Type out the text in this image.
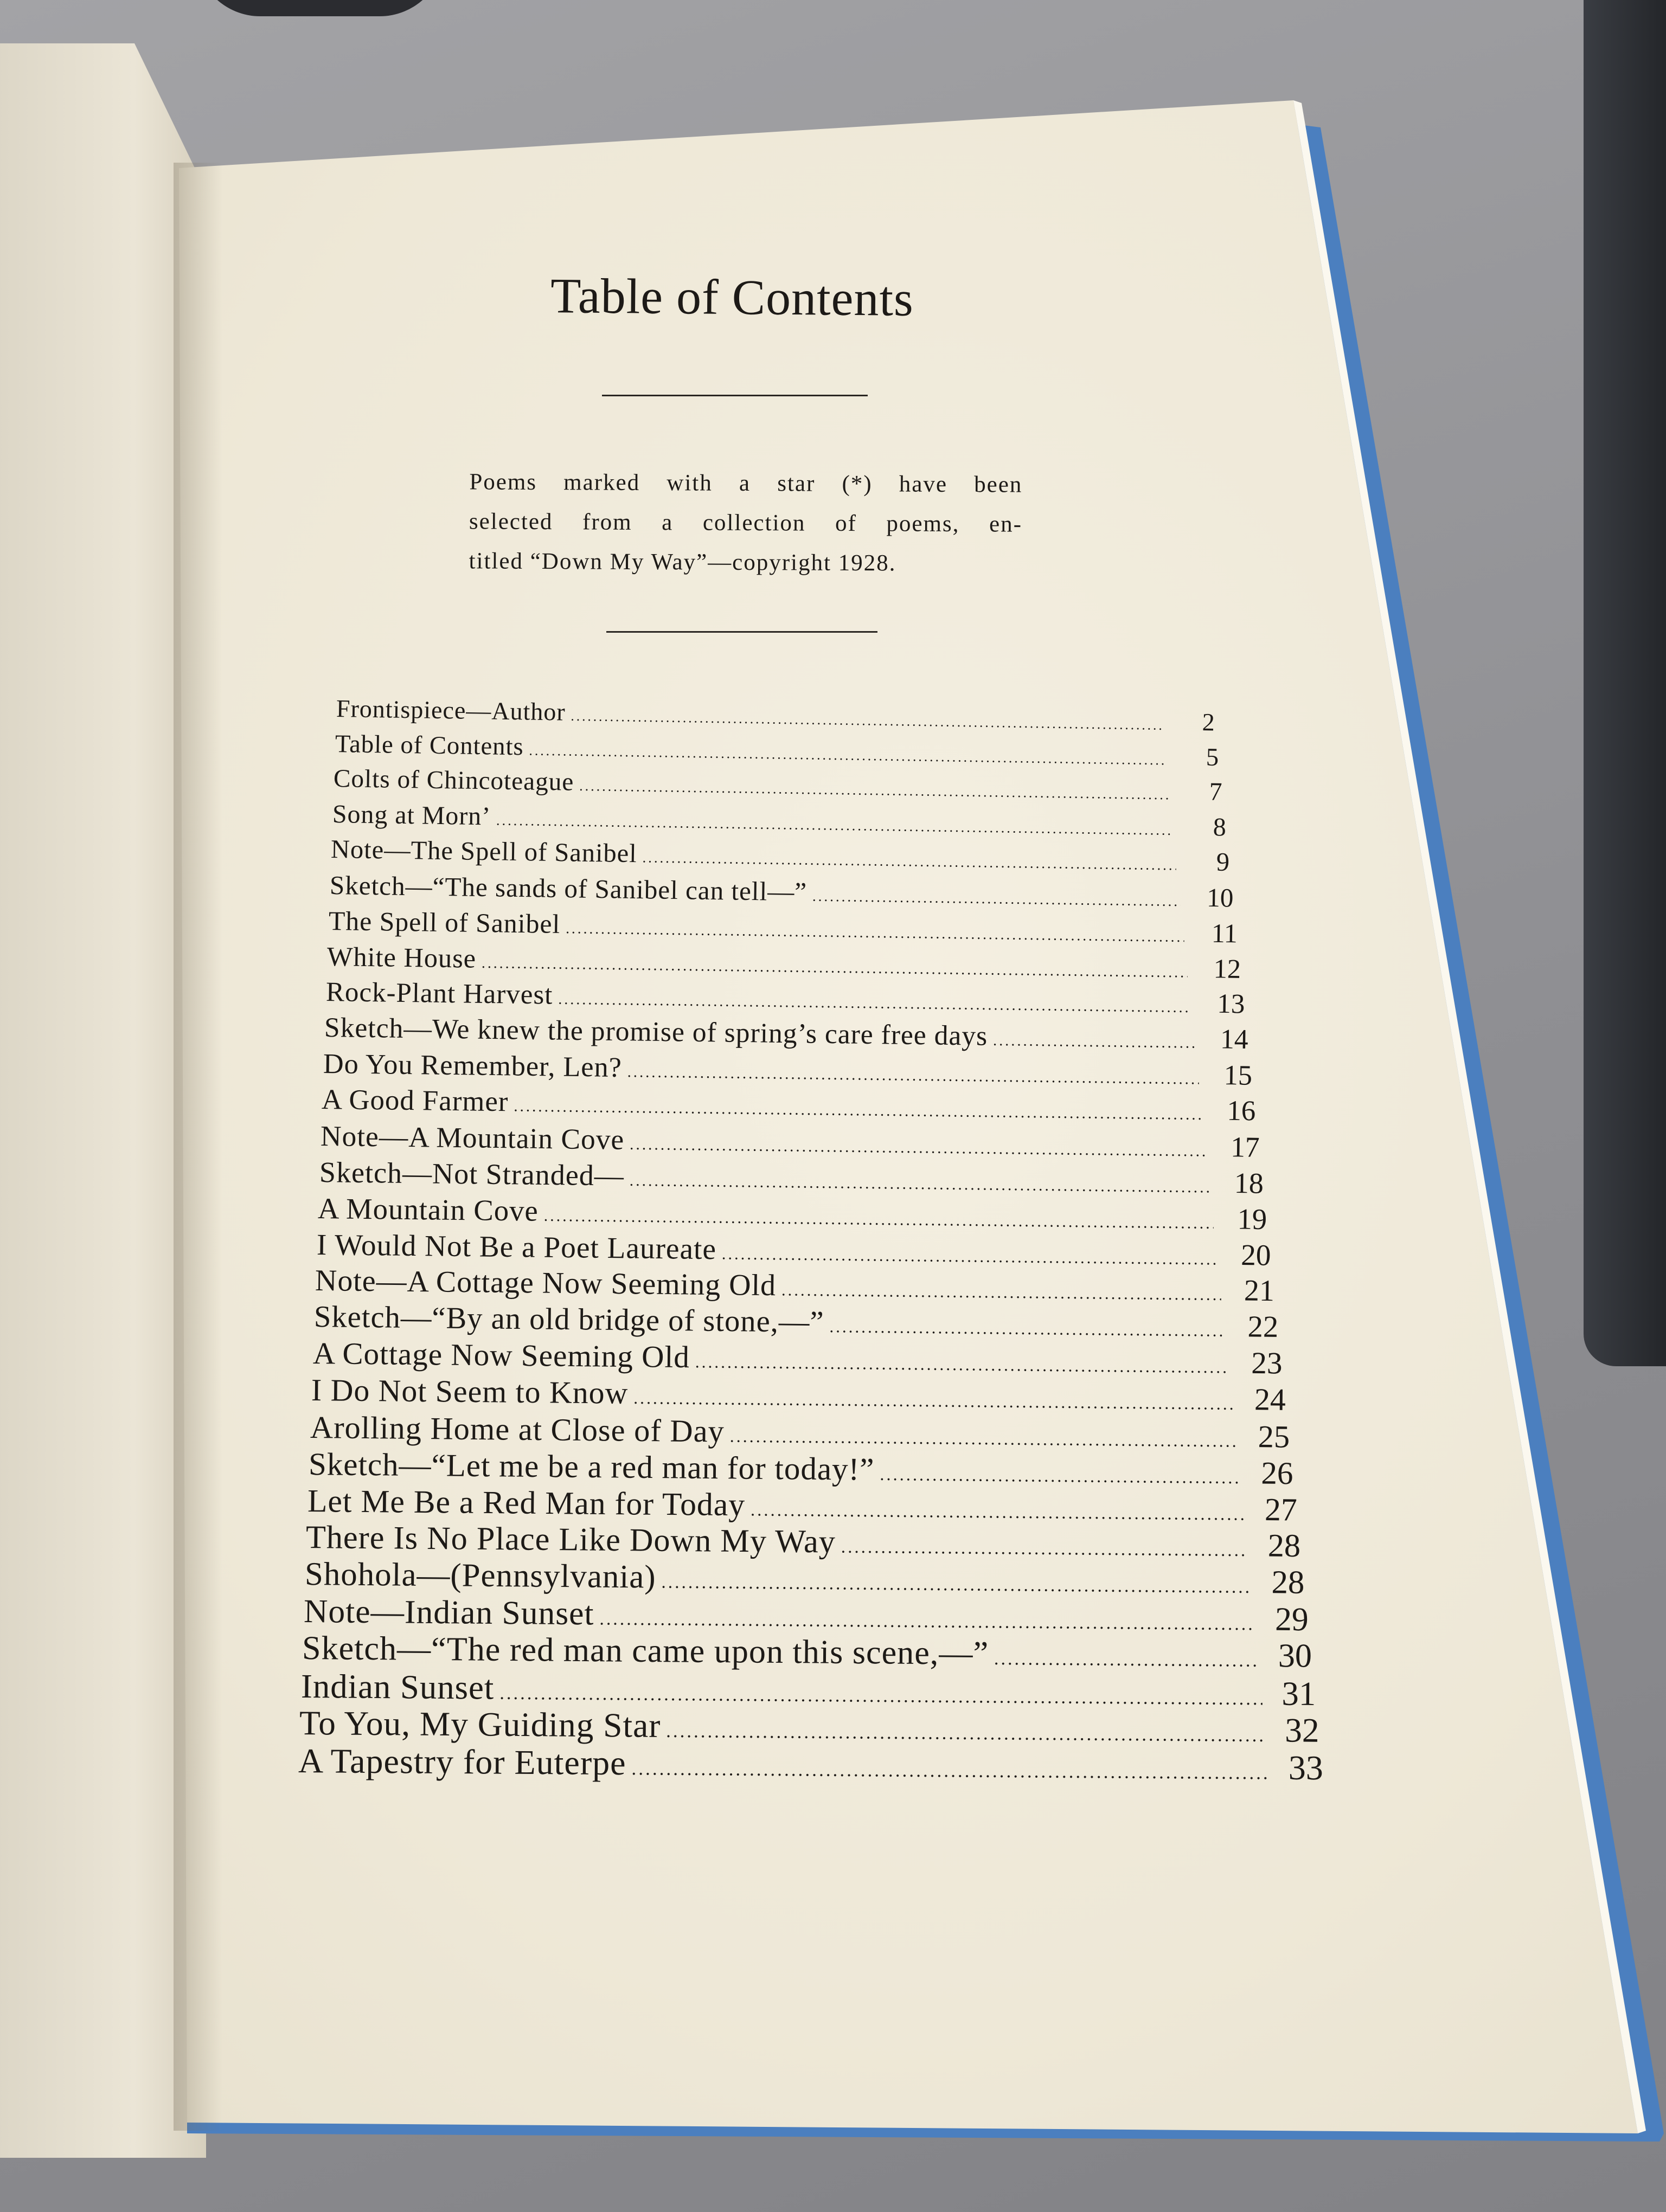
Table of Contents
Poems marked with a star (*) have been
selected from a collection of poems, en-
titled “Down My Way”—copyright 1928.
Frontispiece—Author .....	2
Table of Contents .....	5
Colts of Chincoteague .....	7
Song at Morn’ .....	8
Note—The Spell of Sanibel .....	9
Sketch—“The sands of Sanibel can tell—” .....	10
The Spell of Sanibel .....	11
White House .....	12
Rock-Plant Harvest .....	13
Sketch—We knew the promise of spring’s care free days .....	14
Do You Remember, Len? .....	15
A Good Farmer .....	16
Note—A Mountain Cove .....	17
Sketch—Not Stranded— .....	18
A Mountain Cove .....	19
I Would Not Be a Poet Laureate .....	20
Note—A Cottage Now Seeming Old .....	21
Sketch—“By an old bridge of stone,—” .....	22
A Cottage Now Seeming Old .....	23
I Do Not Seem to Know .....	24
Arolling Home at Close of Day .....	25
Sketch—“Let me be a red man for today!” .....	26
Let Me Be a Red Man for Today .....	27
There Is No Place Like Down My Way .....	28
Shohola—(Pennsylvania) .....	28
Note—Indian Sunset .....	29
Sketch—“The red man came upon this scene,—” .....	30
Indian Sunset .....	31
To You, My Guiding Star .....	32
A Tapestry for Euterpe .....	33
